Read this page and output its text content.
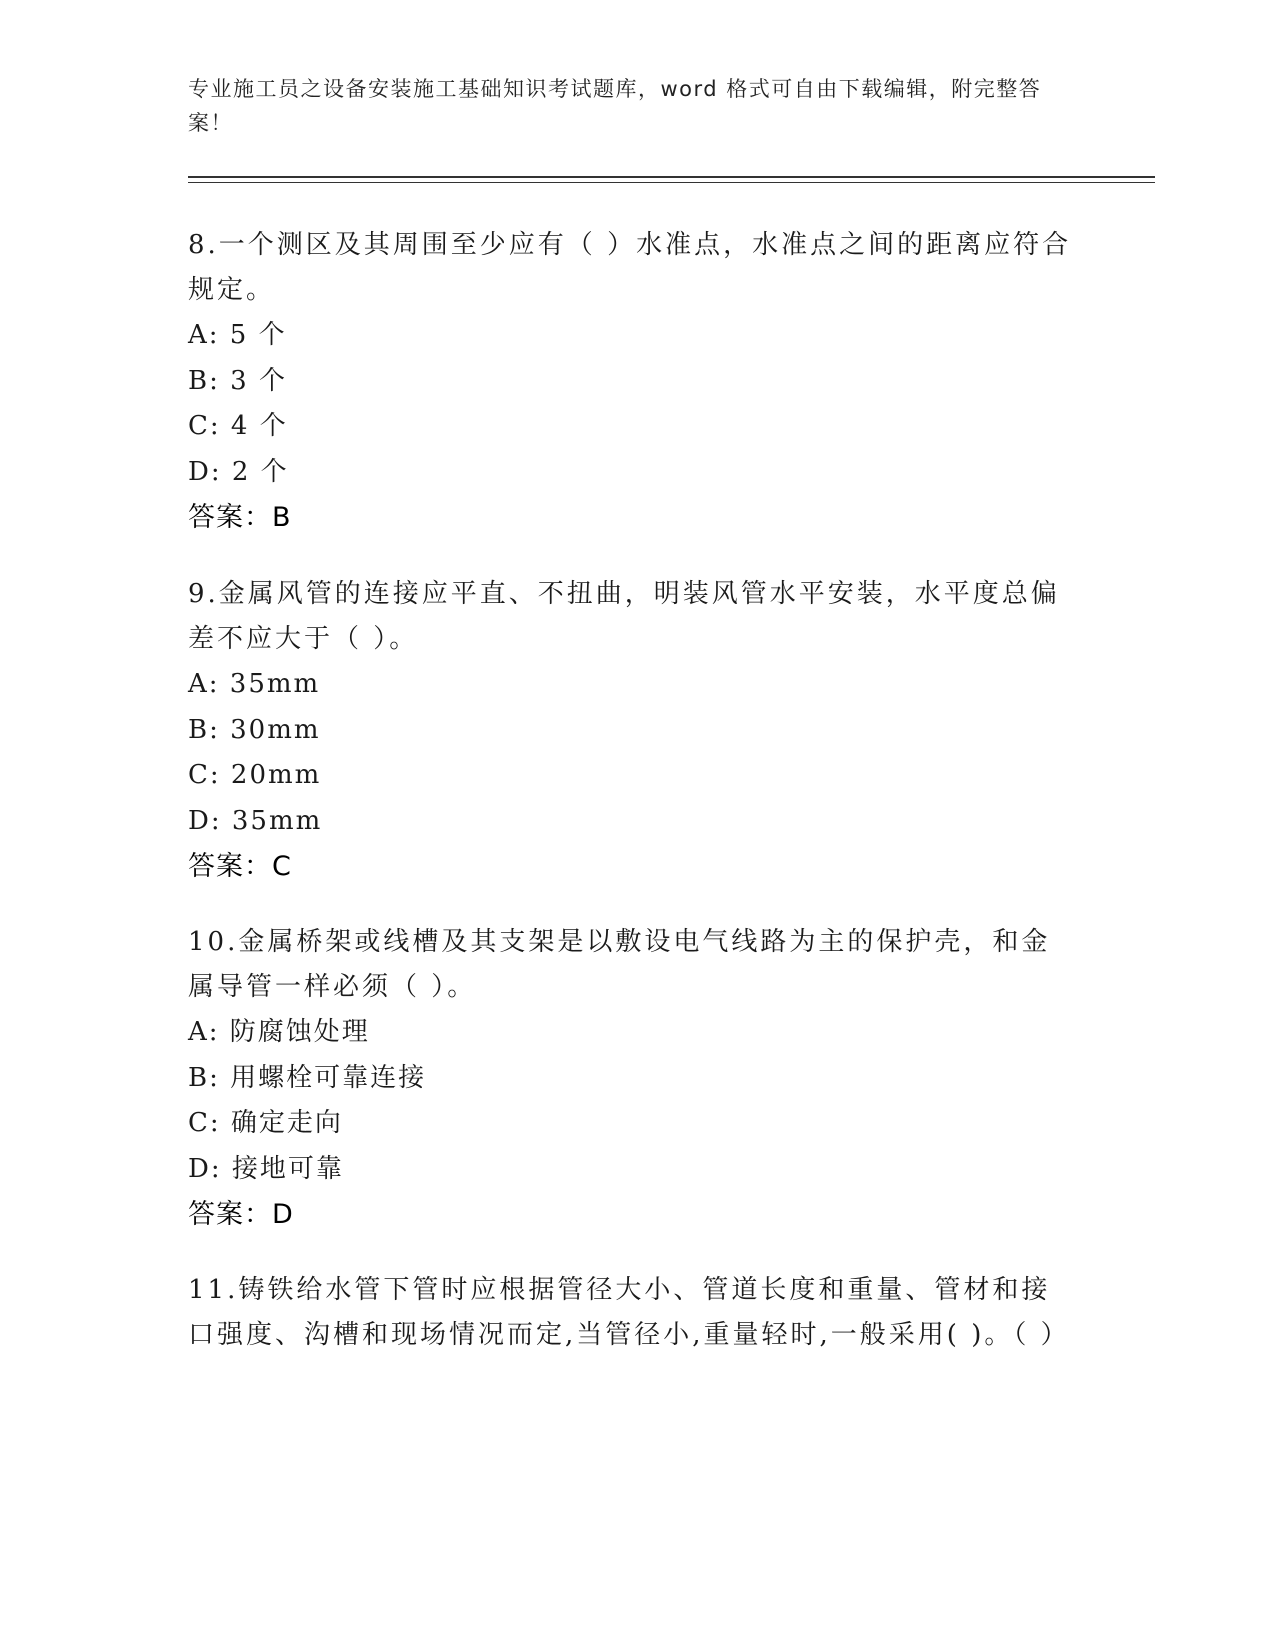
专业施工员之设备安装施工基础知识考试题库，word 格式可自由下载编辑，附完整答案！

8.一个测区及其周围至少应有（ ）水准点，水准点之间的距离应符合规定。

A: 5 个

B: 3 个

C: 4 个

D: 2 个

答案：B

9.金属风管的连接应平直、不扭曲，明装风管水平安装，水平度总偏差不应大于（ ）。

A: 35mm

B: 30mm

C: 20mm

D: 35mm

答案：C

10.金属桥架或线槽及其支架是以敷设电气线路为主的保护壳，和金属导管一样必须（ ）。

A: 防腐蚀处理

B: 用螺栓可靠连接

C: 确定走向

D: 接地可靠

答案：D

11.铸铁给水管下管时应根据管径大小、管道长度和重量、管材和接口强度、沟槽和现场情况而定,当管径小,重量轻时,一般采用( )。（ ）
